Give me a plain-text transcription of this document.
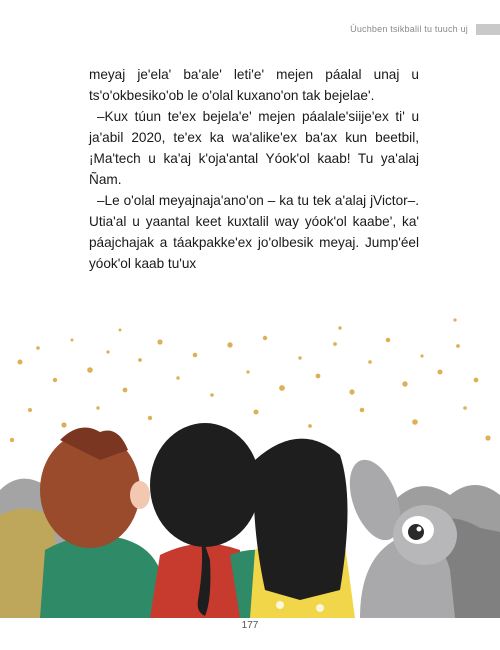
Úuchben tsikbalil tu tuuch uj

meyaj je'ela' ba'ale' leti'e' mejen páalal unaj u ts'o'okbesiko'ob le o'olal kuxano'on tak bejelae'.

–Kux túun te'ex bejela'e' mejen páalale'siije'ex ti' u ja'abil 2020, te'ex ka wa'alike'ex ba'ax kun beetbil, ¡Ma'tech u ka'aj k'oja'antal Yóok'ol kaab! Tu ya'alaj Ñam.

–Le o'olal meyajnaja'ano'on – ka tu tek a'alaj jVictor–. Utia'al u yaantal keet kuxtalil way yóok'ol kaabe', ka' páajchajak a táakpakke'ex jo'olbesik meyaj. Jump'éel yóok'ol kaab tu'ux

177
